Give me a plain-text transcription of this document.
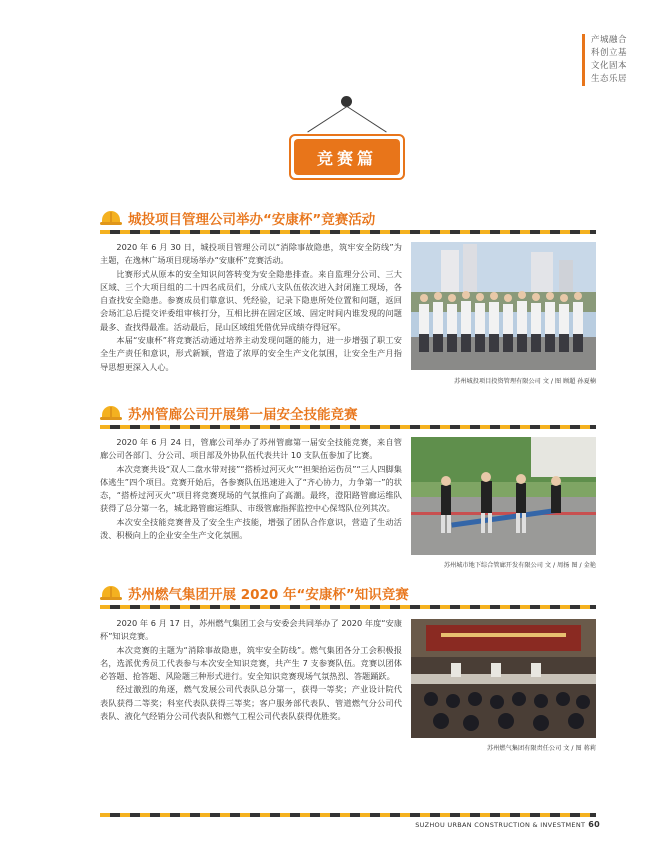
产城融合
科创立基
文化固本
生态乐居
竞赛篇
城投项目管理公司举办“安康杯”竞赛活动

2020 年 6 月 30 日，城投项目管理公司以“消除事故隐患，筑牢安全防线”为主题，在逸林广场项目现场举办“安康杯”竞赛活动。

比赛形式从原本的安全知识问答转变为安全隐患排查。来自监理分公司、三大区域、三个大项目组的二十四名成员们，分成八支队伍依次进入封闭施工现场，各自查找安全隐患。参赛成员们靠意识、凭经验，记录下隐患所处位置和问题，返回会场汇总后提交评委组审核打分，互相比拼在固定区域、固定时间内谁发现的问题最多、查找得最准。活动最后，昆山区域组凭借优异成绩夺得冠军。

本届“安康杯”将竞赛活动通过培养主动发现问题的能力，进一步增强了职工安全生产责任和意识，形式新颖，营造了浓厚的安全生产文化氛围，让安全生产月指导思想更深入人心。

苏州城投项目投资管理有限公司 文 / 图 顾超 孙夏楠
苏州管廊公司开展第一届安全技能竞赛

2020 年 6 月 24 日，管廊公司举办了苏州管廊第一届安全技能竞赛，来自管廊公司各部门、分公司、项目部及外协队伍代表共计 10 支队伍参加了比赛。

本次竞赛共设“双人二盘水带对接”“搭桥过河灭火”“担架抬运伤员”“三人四脚集体逃生”四个项目。竞赛开始后，各参赛队伍迅速进入了“齐心协力，力争第一”的状态，“搭桥过河灭火”项目将竞赛现场的气氛推向了高潮。最终，澄阳路管廊运维队获得了总分第一名，城北路管廊运维队、市级管廊指挥监控中心保驾队位列其次。

本次安全技能竞赛普及了安全生产技能，增强了团队合作意识，营造了生动活泼、积极向上的企业安全生产文化氛围。

苏州城市地下综合管廊开发有限公司 文 / 周扬 图 / 金艳
苏州燃气集团开展 2020 年“安康杯”知识竞赛

2020 年 6 月 17 日，苏州燃气集团工会与安委会共同举办了 2020 年度“安康杯”知识竞赛。

本次竞赛的主题为“消除事故隐患，筑牢安全防线”。燃气集团各分工会积极报名，选派优秀员工代表参与本次安全知识竞赛，共产生 7 支参赛队伍。竞赛以团体必答题、抢答题、风险题三种形式进行。安全知识竞赛现场气氛热烈、答题踊跃。

经过激烈的角逐，燃气发展公司代表队总分第一，获得一等奖；产业设计院代表队获得二等奖；科室代表队获得三等奖；客户服务部代表队、管道燃气分公司代表队、液化气经销分公司代表队和燃气工程公司代表队获得优胜奖。

苏州燃气集团有限责任公司 文 / 图 蒋莉
SUZHOU URBAN CONSTRUCTION & INVESTMENT 60
